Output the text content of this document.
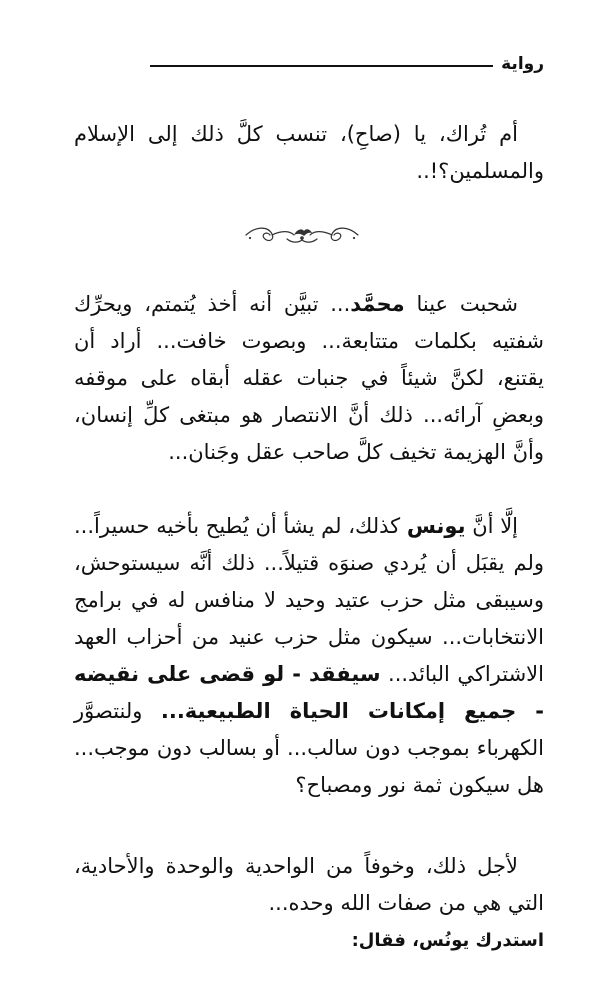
رواية

أم تُراك، يا (صاحِ)، تنسب كلَّ ذلك إلى الإسلام والمسلمين؟!..

شحبت عينا محمَّد... تبيَّن أنه أخذ يُتمتم، ويحرِّك شفتيه بكلمات متتابعة... وبصوت خافت... أراد أن يقتنع، لكنَّ شيئاً في جنبات عقله أبقاه على موقفه وبعضِ آرائه... ذلك أنَّ الانتصار هو مبتغى كلِّ إنسان، وأنَّ الهزيمة تخيف كلَّ صاحب عقل وجَنان...

إلَّا أنَّ يونس كذلك، لم يشأ أن يُطيح بأخيه حسيراً... ولم يقبَل أن يُردي صنوَه قتيلاً... ذلك أنَّه سيستوحش، وسيبقى مثل حزب عتيد وحيد لا منافس له في برامج الانتخابات... سيكون مثل حزب عنيد من أحزاب العهد الاشتراكي البائد... سيفقد - لو قضى على نقيضه - جميع إمكانات الحياة الطبيعية... ولنتصوَّر الكهرباء بموجب دون سالب... أو بسالب دون موجب... هل سيكون ثمة نور ومصباح؟

لأجل ذلك، وخوفاً من الواحدية والوحدة والأحادية، التي هي من صفات الله وحده...

استدرك يونُس، فقال:
